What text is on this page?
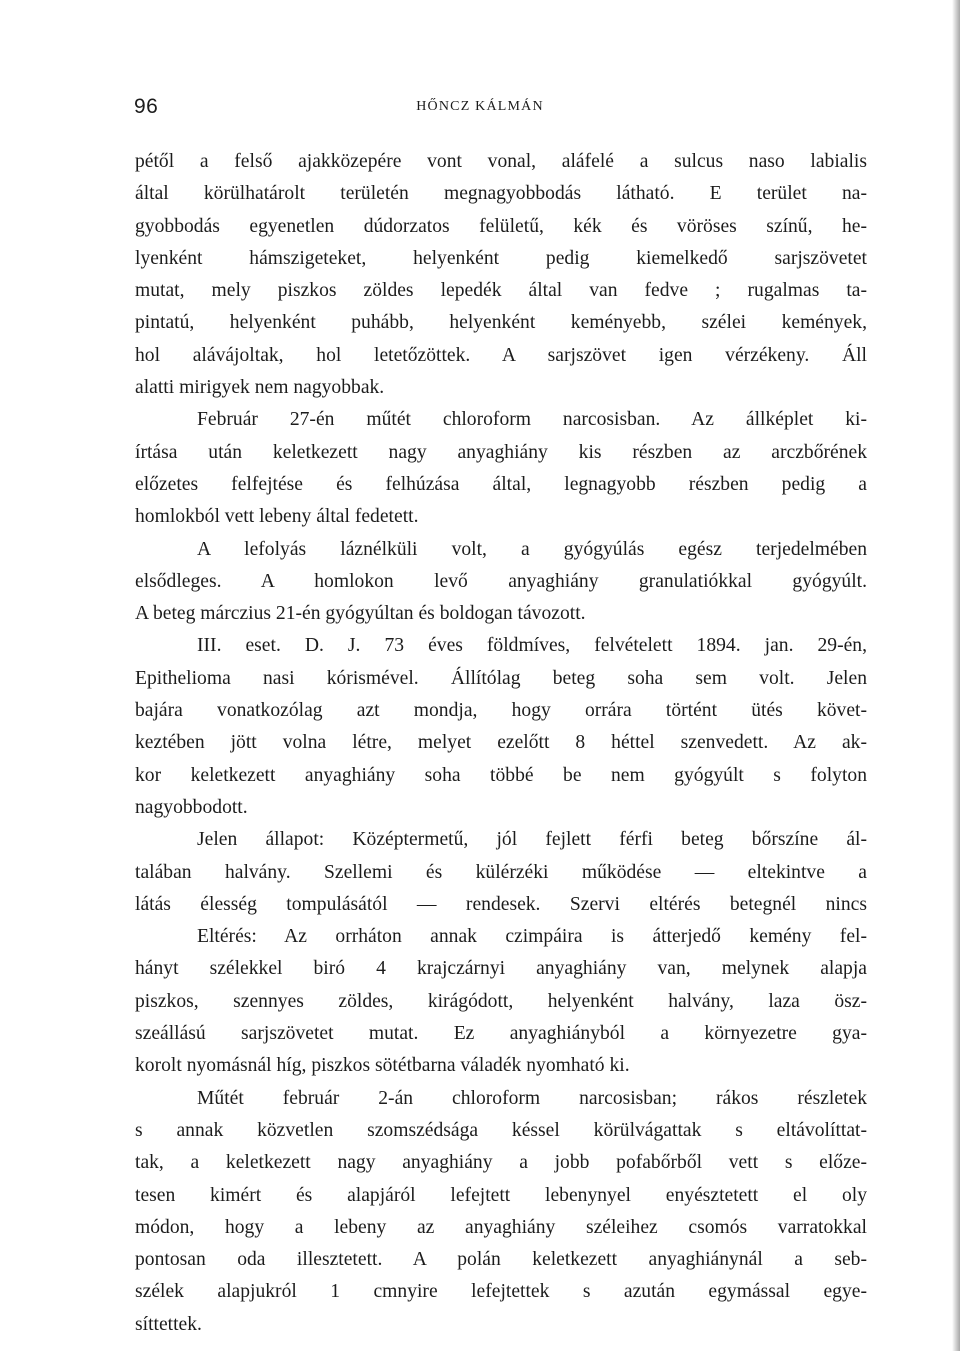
96	HŐNCZ KÁLMÁN
pétől a felső ajakközepére vont vonal, aláfelé a sulcus naso labialis
által körülhatárolt területén megnagyobbodás látható. E terület na-
gyobbodás egyenetlen dúdorzatos felületű, kék és vöröses színű, he-
lyenként hámszigeteket, helyenként pedig kiemelkedő sarjszövetet
mutat, mely piszkos zöldes lepedék által van fedve ; rugalmas ta-
pintatú, helyenként puhább, helyenként keményebb, szélei kemények,
hol alávájoltak, hol letetőzöttek. A sarjszövet igen vérzékeny. Áll
alatti mirigyek nem nagyobbak.
Február 27-én műtét chloroform narcosisban. Az állképlet ki-
írtása után keletkezett nagy anyaghiány kis részben az arczbőrének
előzetes felfejtése és felhúzása által, legnagyobb részben pedig a
homlokból vett lebeny által fedetett.
A lefolyás láznélküli volt, a gyógyúlás egész terjedelmében
elsődleges. A homlokon levő anyaghiány granulatiókkal gyógyúlt.
A beteg márczius 21-én gyógyúltan és boldogan távozott.
III. eset. D. J. 73 éves földmíves, felvételett 1894. jan. 29-én,
Epithelioma nasi kórismével. Állítólag beteg soha sem volt. Jelen
bajára vonatkozólag azt mondja, hogy orrára történt ütés követ-
keztében jött volna létre, melyet ezelőtt 8 héttel szenvedett. Az ak-
kor keletkezett anyaghiány soha többé be nem gyógyúlt s folyton
nagyobbodott.
Jelen állapot: Középtermetű, jól fejlett férfi beteg bőrszíne ál-
talában halvány. Szellemi és külérzéki működése — eltekintve a
látás élesség tompulásától — rendesek. Szervi eltérés betegnél nincs
Eltérés: Az orrháton annak czimpáira is átterjedő kemény fel-
hányt szélekkel biró 4 krajczárnyi anyaghiány van, melynek alapja
piszkos, szennyes zöldes, kirágódott, helyenként halvány, laza ösz-
szeállású sarjszövetet mutat. Ez anyaghiányból a környezetre gya-
korolt nyomásnál híg, piszkos sötétbarna váladék nyomható ki.
Műtét február 2-án chloroform narcosisban; rákos részletek
s annak közvetlen szomszédsága késsel körülvágattak s eltávolíttat-
tak, a keletkezett nagy anyaghiány a jobb pofabőrből vett s előze-
tesen kimért és alapjáról lefejtett lebenynyel enyésztetett el oly
módon, hogy a lebeny az anyaghiány széleihez csomós varratokkal
pontosan oda illesztetett. A polán keletkezett anyaghiánynál a seb-
szélek alapjukról 1 cmnyire lefejtettek s azután egymással egye-
síttettek.
